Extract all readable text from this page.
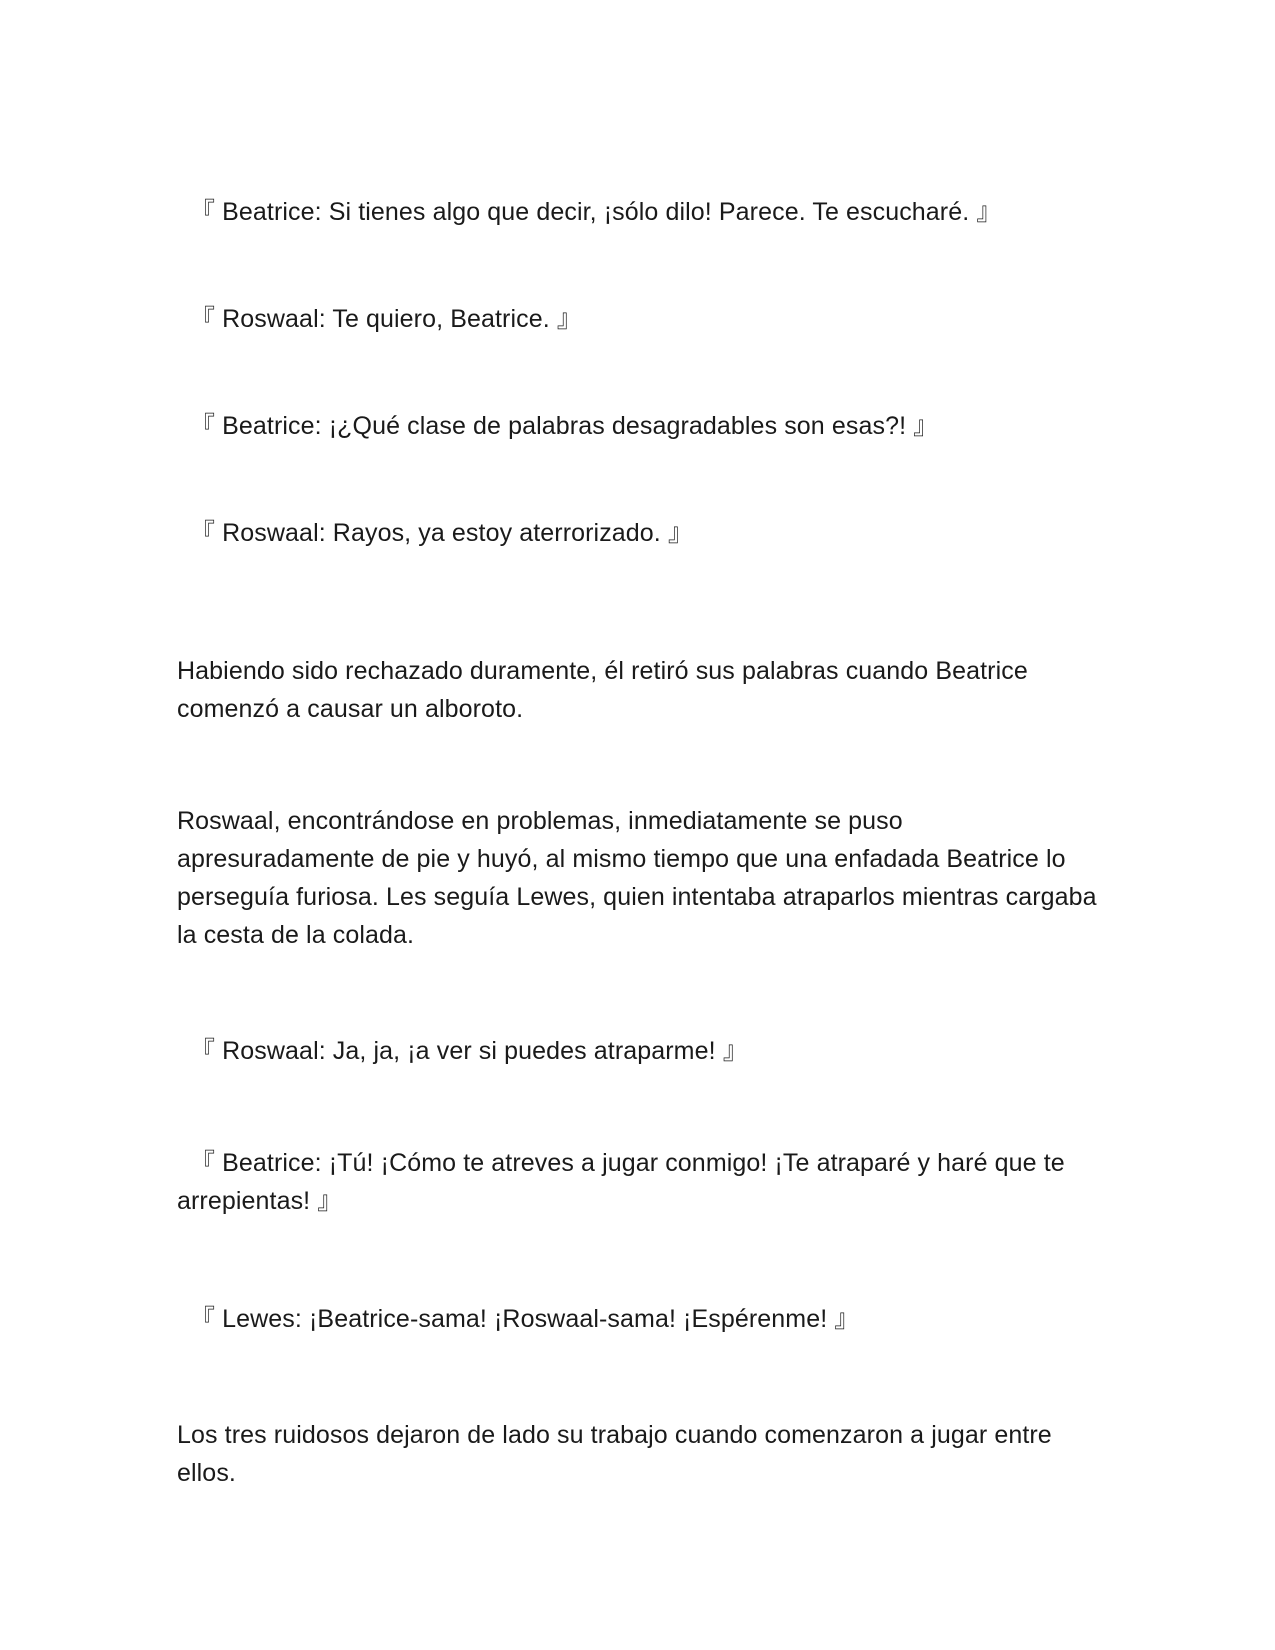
『 Beatrice: Si tienes algo que decir, ¡sólo dilo! Parece. Te escucharé. 』

『 Roswaal: Te quiero, Beatrice. 』

『 Beatrice: ¡¿Qué clase de palabras desagradables son esas?! 』

『 Roswaal: Rayos, ya estoy aterrorizado. 』

Habiendo sido rechazado duramente, él retiró sus palabras cuando Beatrice comenzó a causar un alboroto.

Roswaal, encontrándose en problemas, inmediatamente se puso apresuradamente de pie y huyó, al mismo tiempo que una enfadada Beatrice lo perseguía furiosa. Les seguía Lewes, quien intentaba atraparlos mientras cargaba la cesta de la colada.

『 Roswaal: Ja, ja, ¡a ver si puedes atraparme! 』

『 Beatrice: ¡Tú! ¡Cómo te atreves a jugar conmigo! ¡Te atraparé y haré que te arrepientas! 』

『 Lewes: ¡Beatrice-sama! ¡Roswaal-sama! ¡Espérenme! 』

Los tres ruidosos dejaron de lado su trabajo cuando comenzaron a jugar entre ellos.
